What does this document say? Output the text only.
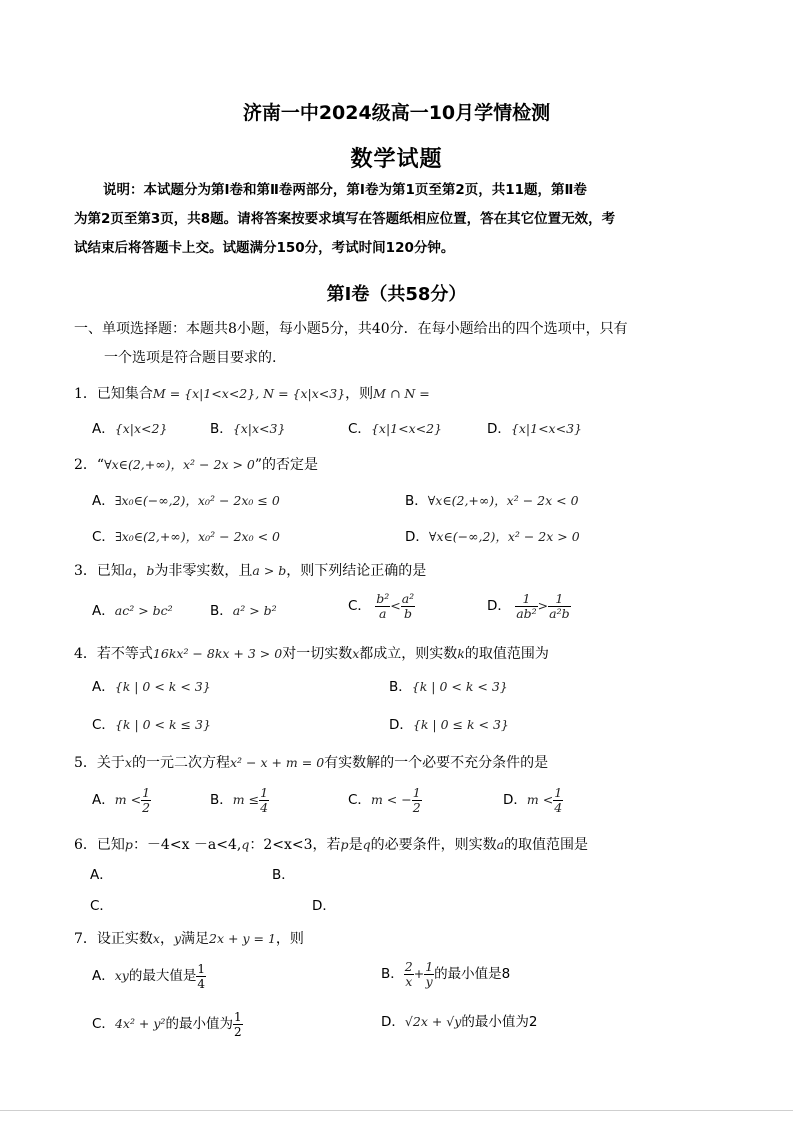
济南一中2024级高一10月学情检测
数学试题
说明：本试题分为第Ⅰ卷和第Ⅱ卷两部分，第Ⅰ卷为第1页至第2页，共11题，第Ⅱ卷
为第2页至第3页，共8题。请将答案按要求填写在答题纸相应位置，答在其它位置无效，考
试结束后将答题卡上交。试题满分150分，考试时间120分钟。
第Ⅰ卷（共58分）
一、单项选择题：本题共8小题，每小题5分，共40分．在每小题给出的四个选项中，只有
一个选项是符合题目要求的.
1．已知集合M = {x|1<x<2}, N = {x|x<3}，则M ∩ N =
A．{x|x<2}	B．{x|x<3}	C．{x|1<x<2}	D．{x|1<x<3}
2．“∀x∈(2,+∞)，x² − 2x > 0”的否定是
A．∃x₀∈(−∞,2)，x₀² − 2x₀ ≤ 0	B．∀x∈(2,+∞)，x² − 2x < 0
C．∃x₀∈(2,+∞)，x₀² − 2x₀ < 0	D．∀x∈(−∞,2)，x² − 2x > 0
3．已知a，b为非零实数，且a > b，则下列结论正确的是
A．ac² > bc²	B．a² > b²	C． $\frac{\text{b²}}{a} < \frac{\text{a²}}{b}$	D． $\frac{1}{\text{ab²}} > \frac{1}{\text{a²b}}$
4．若不等式16kx² − 8kx + 3 > 0对一切实数x都成立，则实数k的取值范围为
A．{k | 0 < k < 3}	B．{k | 0 < k < 3}
C．{k | 0 < k ≤ 3}	D．{k | 0 ≤ k < 3}
5．关于x的一元二次方程x² − x + m = 0有实数解的一个必要不充分条件的是
A．$m < \frac{1}{2}$	B．$m \le \frac{1}{4}$	C．m < − $\frac{1}{2}$	D．$m < \frac{1}{4}$
6．已知p：－4<x －a<4,q：2<x<3，若p是q的必要条件，则实数a的取值范围是
A．	B．
C．	D．
7．设正实数x，y满足2x + y = 1，则
A．xy的最大值是 $\frac{1}{4}$	B． $\frac{2}{x} + \frac{1}{y}$ 的最小值是8
C．4x² + y²的最小值为 $\frac{1}{2}$	D．√2x + √y的最小值为2
